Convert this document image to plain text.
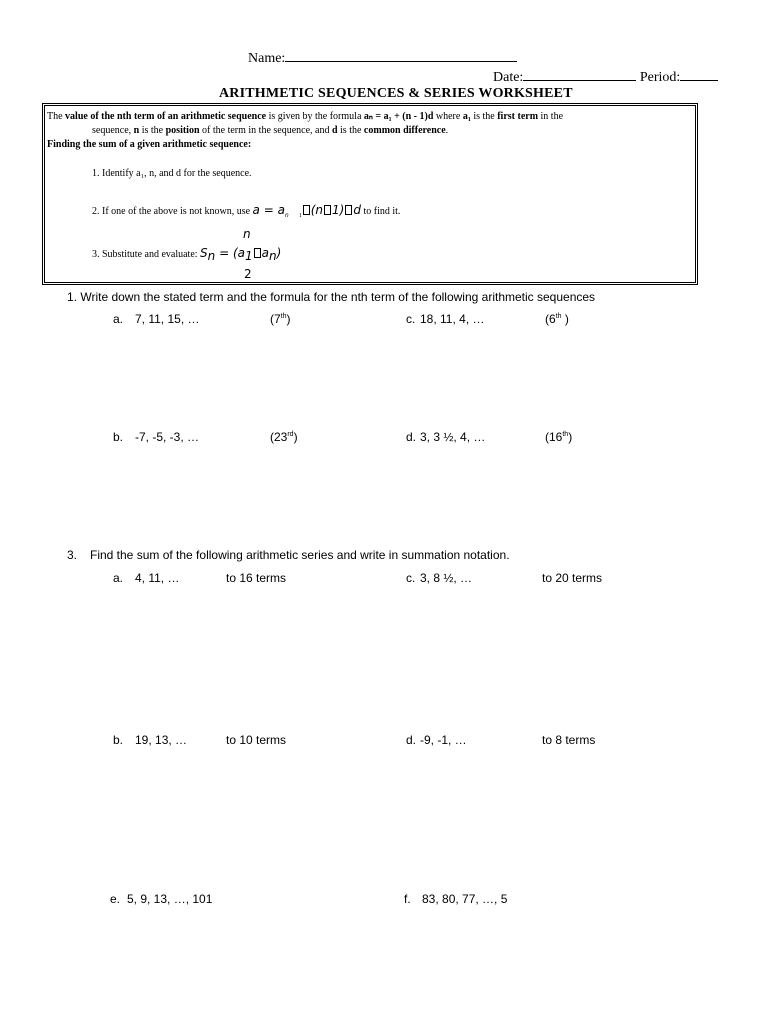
Name:
Date:	Period:
ARITHMETIC SEQUENCES & SERIES WORKSHEET
The value of the nth term of an arithmetic sequence is given by the formula aₙ = a₁ + (n - 1)d where a₁ is the first term in the
sequence, n is the position of the term in the sequence, and d is the common difference.
Finding the sum of a given arithmetic sequence:
1. Identify a₁, n, and d for the sequence.
2. If one of the above is not known, use $a = a_n$ $_1$ (n 1) d to find it.
n
3. Substitute and evaluate: $S_n = (a_1$ $a_n$)
2
1. Write down the stated term and the formula for the nth term of the following arithmetic sequences
a. 7, 11, 15, …	(7th)	c. 18, 11, 4, …	(6th )
b. -7, -5, -3, …	(23rd)	d. 3, 3 ½, 4, …	(16th)
3. Find the sum of the following arithmetic series and write in summation notation.
a. 4, 11, …	to 16 terms	c. 3, 8 ½, …	to 20 terms
b. 19, 13, …	to 10 terms	d. -9, -1, …	to 8 terms
e. 5, 9, 13, …, 101	f. 83, 80, 77, …, 5
